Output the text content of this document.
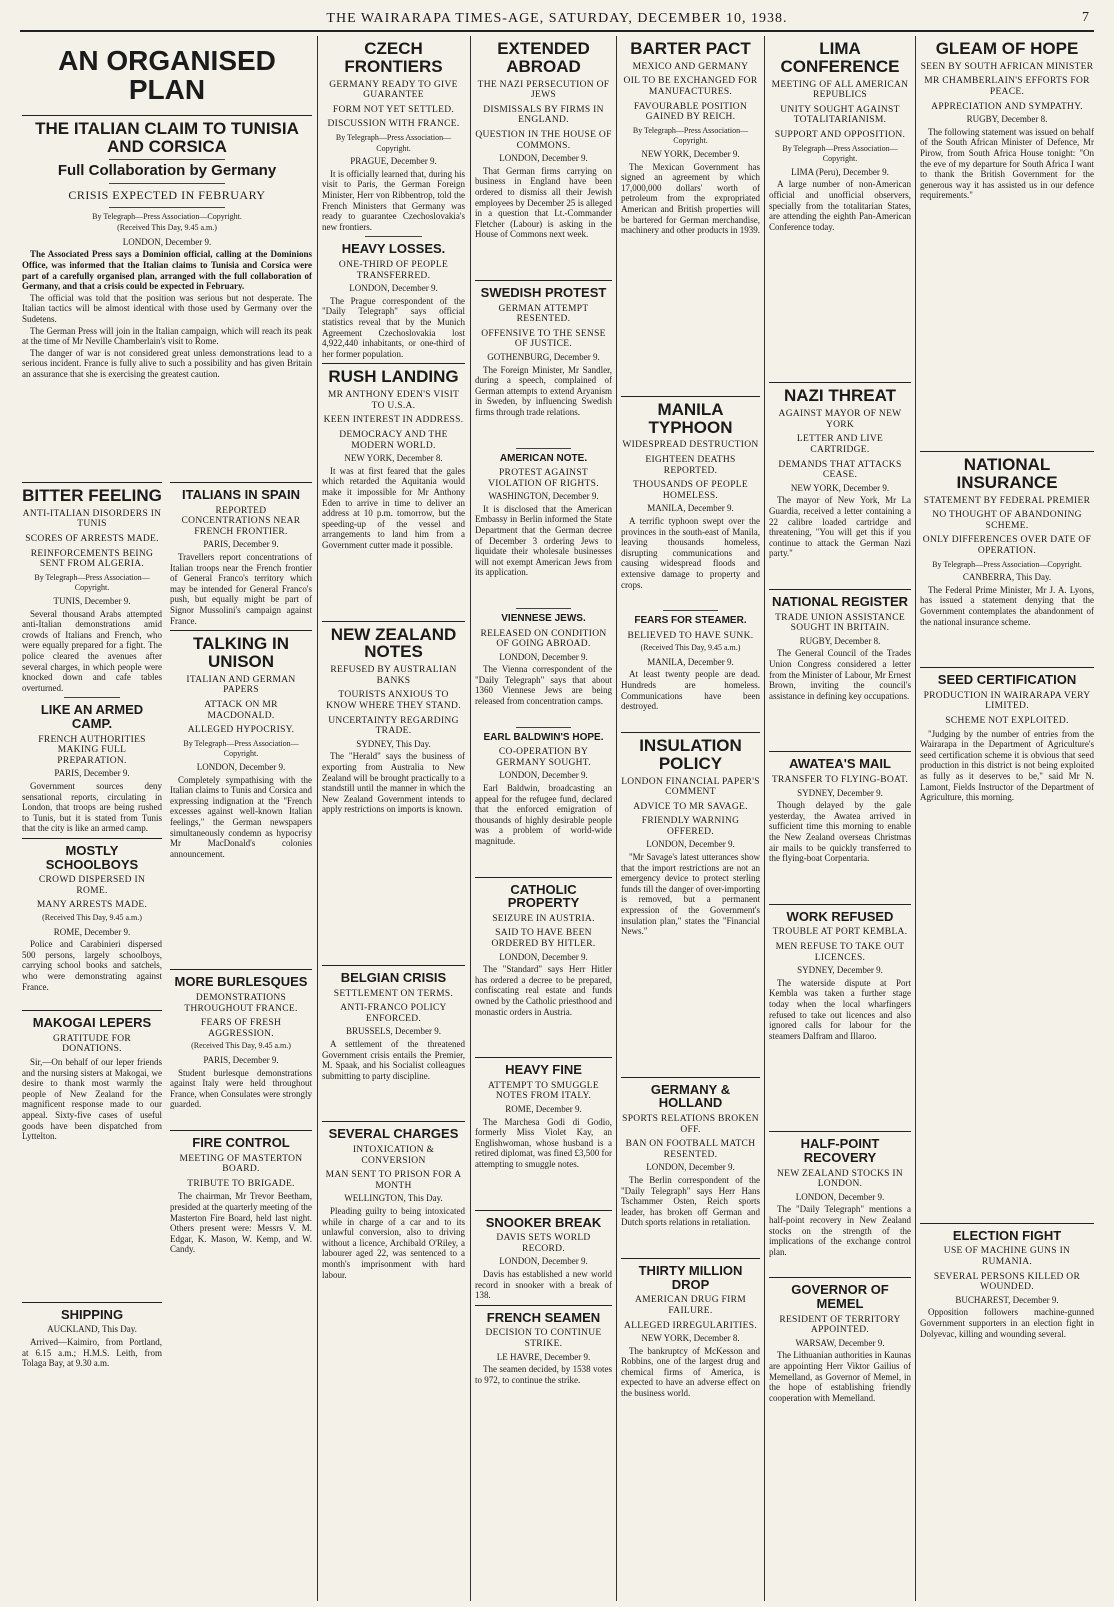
THE WAIRARAPA TIMES-AGE, SATURDAY, DECEMBER 10, 1938.	7
AN ORGANISED PLAN
THE ITALIAN CLAIM TO TUNISIA AND CORSICA
Full Collaboration by Germany
CRISIS EXPECTED IN FEBRUARY
By Telegraph—Press Association—Copyright.
(Received This Day, 9.45 a.m.)
LONDON, December 9.

The Associated Press says a Dominion official, calling at the Dominions Office, was informed that the Italian claims to Tunisia and Corsica were part of a carefully organised plan, arranged with the full collaboration of Germany, and that a crisis could be expected in February.

The official was told that the position was serious but not desperate. The Italian tactics will be almost identical with those used by Germany over the Sudetens.

The German Press will join in the Italian campaign, which will reach its peak at the time of Mr Neville Chamberlain's visit to Rome.

The danger of war is not considered great unless demonstrations lead to a serious incident. France is fully alive to such a possibility and has given Britain an assurance that she is exercising the greatest caution.

BITTER FEELING
ANTI-ITALIAN DISORDERS IN TUNIS
SCORES OF ARRESTS MADE.
REINFORCEMENTS BEING SENT FROM ALGERIA.
By Telegraph—Press Association—Copyright.
TUNIS, December 9.

Several thousand Arabs attempted anti-Italian demonstrations amid crowds of Italians and French, who were equally prepared for a fight. The police cleared the avenues after several charges, in which people were knocked down and cafe tables overturned.

LIKE AN ARMED CAMP.
FRENCH AUTHORITIES MAKING FULL PREPARATION.
PARIS, December 9.

Government sources deny sensational reports, circulating in London, that troops are being rushed to Tunis, but it is stated from Tunis that the city is like an armed camp.

MOSTLY SCHOOLBOYS
CROWD DISPERSED IN ROME.
MANY ARRESTS MADE.
(Received This Day, 9.45 a.m.)
ROME, December 9.

Police and Carabinieri dispersed 500 persons, largely schoolboys, carrying school books and satchels, who were demonstrating against France.

MAKOGAI LEPERS
GRATITUDE FOR DONATIONS.

Sir,—On behalf of our leper friends and the nursing sisters at Makogai, we desire to thank most warmly the people of New Zealand for the magnificent response made to our appeal. Sixty-five cases of useful goods have been dispatched from Lyttelton.

SHIPPING
AUCKLAND, This Day.

Arrived—Kaimiro, from Portland, at 6.15 a.m.; H.M.S. Leith, from Tolaga Bay, at 9.30 a.m.

ITALIANS IN SPAIN
REPORTED CONCENTRATIONS NEAR FRENCH FRONTIER.
PARIS, December 9.

Travellers report concentrations of Italian troops near the French frontier of General Franco's territory which may be intended for General Franco's push, but equally might be part of Signor Mussolini's campaign against France.

TALKING IN UNISON
ITALIAN AND GERMAN PAPERS
ATTACK ON MR MACDONALD.
ALLEGED HYPOCRISY.
By Telegraph—Press Association—Copyright.
LONDON, December 9.

Completely sympathising with the Italian claims to Tunis and Corsica and expressing indignation at the "French excesses against well-known Italian feelings," the German newspapers simultaneously condemn as hypocrisy Mr MacDonald's colonies announcement.

MORE BURLESQUES
DEMONSTRATIONS THROUGHOUT FRANCE.
FEARS OF FRESH AGGRESSION.
(Received This Day, 9.45 a.m.)
PARIS, December 9.

Student burlesque demonstrations against Italy were held throughout France, when Consulates were strongly guarded.

FIRE CONTROL
MEETING OF MASTERTON BOARD.
TRIBUTE TO BRIGADE.

The chairman, Mr Trevor Beetham, presided at the quarterly meeting of the Masterton Fire Board, held last night. Others present were: Messrs V. M. Edgar, K. Mason, W. Kemp, and W. Candy.

CZECH FRONTIERS
GERMANY READY TO GIVE GUARANTEE
FORM NOT YET SETTLED.
DISCUSSION WITH FRANCE.
By Telegraph—Press Association—Copyright.
PRAGUE, December 9.

It is officially learned that, during his visit to Paris, the German Foreign Minister, Herr von Ribbentrop, told the French Ministers that Germany was ready to guarantee Czechoslovakia's new frontiers.

HEAVY LOSSES.
ONE-THIRD OF PEOPLE TRANSFERRED.
LONDON, December 9.

The Prague correspondent of the "Daily Telegraph" says official statistics reveal that by the Munich Agreement Czechoslovakia lost 4,922,440 inhabitants, or one-third of her former population.

RUSH LANDING
MR ANTHONY EDEN'S VISIT TO U.S.A.
KEEN INTEREST IN ADDRESS.
DEMOCRACY AND THE MODERN WORLD.
NEW YORK, December 8.

It was at first feared that the gales which retarded the Aquitania would make it impossible for Mr Anthony Eden to arrive in time to deliver an address at 10 p.m. tomorrow, but the speeding-up of the vessel and arrangements to land him from a Government cutter made it possible.

NEW ZEALAND NOTES
REFUSED BY AUSTRALIAN BANKS
TOURISTS ANXIOUS TO KNOW WHERE THEY STAND.
UNCERTAINTY REGARDING TRADE.
SYDNEY, This Day.

The "Herald" says the business of exporting from Australia to New Zealand will be brought practically to a standstill until the manner in which the New Zealand Government intends to apply restrictions on imports is known.

BELGIAN CRISIS
SETTLEMENT ON TERMS.
ANTI-FRANCO POLICY ENFORCED.
BRUSSELS, December 9.

A settlement of the threatened Government crisis entails the Premier, M. Spaak, and his Socialist colleagues submitting to party discipline.

SEVERAL CHARGES
INTOXICATION & CONVERSION
MAN SENT TO PRISON FOR A MONTH
WELLINGTON, This Day.

Pleading guilty to being intoxicated while in charge of a car and to its unlawful conversion, also to driving without a licence, Archibald O'Riley, a labourer aged 22, was sentenced to a month's imprisonment with hard labour.

EXTENDED ABROAD
THE NAZI PERSECUTION OF JEWS
DISMISSALS BY FIRMS IN ENGLAND.
QUESTION IN THE HOUSE OF COMMONS.
LONDON, December 9.

That German firms carrying on business in England have been ordered to dismiss all their Jewish employees by December 25 is alleged in a question that Lt.-Commander Fletcher (Labour) is asking in the House of Commons next week.

SWEDISH PROTEST
GERMAN ATTEMPT RESENTED.
OFFENSIVE TO THE SENSE OF JUSTICE.
GOTHENBURG, December 9.

The Foreign Minister, Mr Sandler, during a speech, complained of German attempts to extend Aryanism in Sweden, by influencing Swedish firms through trade relations.

AMERICAN NOTE.
PROTEST AGAINST VIOLATION OF RIGHTS.
WASHINGTON, December 9.

It is disclosed that the American Embassy in Berlin informed the State Department that the German decree of December 3 ordering Jews to liquidate their wholesale businesses will not exempt American Jews from its application.

VIENNESE JEWS.
RELEASED ON CONDITION OF GOING ABROAD.
LONDON, December 9.

The Vienna correspondent of the "Daily Telegraph" says that about 1360 Viennese Jews are being released from concentration camps.

EARL BALDWIN'S HOPE.
CO-OPERATION BY GERMANY SOUGHT.
LONDON, December 9.

Earl Baldwin, broadcasting an appeal for the refugee fund, declared that the enforced emigration of thousands of highly desirable people was a problem of world-wide magnitude.

CATHOLIC PROPERTY
SEIZURE IN AUSTRIA.
SAID TO HAVE BEEN ORDERED BY HITLER.
LONDON, December 9.

The "Standard" says Herr Hitler has ordered a decree to be prepared, confiscating real estate and funds owned by the Catholic priesthood and monastic orders in Austria.

HEAVY FINE
ATTEMPT TO SMUGGLE NOTES FROM ITALY.
ROME, December 9.

The Marchesa Godi di Godio, formerly Miss Violet Kay, an Englishwoman, whose husband is a retired diplomat, was fined £3,500 for attempting to smuggle notes.

SNOOKER BREAK
DAVIS SETS WORLD RECORD.
LONDON, December 9.

Davis has established a new world record in snooker with a break of 138.

FRENCH SEAMEN
DECISION TO CONTINUE STRIKE.
LE HAVRE, December 9.

The seamen decided, by 1538 votes to 972, to continue the strike.

BARTER PACT
MEXICO AND GERMANY
OIL TO BE EXCHANGED FOR MANUFACTURES.
FAVOURABLE POSITION GAINED BY REICH.
By Telegraph—Press Association—Copyright.
NEW YORK, December 9.

The Mexican Government has signed an agreement by which 17,000,000 dollars' worth of petroleum from the expropriated American and British properties will be bartered for German merchandise, machinery and other products in 1939.

MANILA TYPHOON
WIDESPREAD DESTRUCTION
EIGHTEEN DEATHS REPORTED.
THOUSANDS OF PEOPLE HOMELESS.
MANILA, December 9.

A terrific typhoon swept over the provinces in the south-east of Manila, leaving thousands homeless, disrupting communications and causing widespread floods and extensive damage to property and crops.

FEARS FOR STEAMER.
BELIEVED TO HAVE SUNK.
(Received This Day, 9.45 a.m.)
MANILA, December 9.

At least twenty people are dead. Hundreds are homeless. Communications have been destroyed.

INSULATION POLICY
LONDON FINANCIAL PAPER'S COMMENT
ADVICE TO MR SAVAGE.
FRIENDLY WARNING OFFERED.
LONDON, December 9.

"Mr Savage's latest utterances show that the import restrictions are not an emergency device to protect sterling funds till the danger of over-importing is removed, but a permanent expression of the Government's insulation plan," states the "Financial News."

GERMANY & HOLLAND
SPORTS RELATIONS BROKEN OFF.
BAN ON FOOTBALL MATCH RESENTED.
LONDON, December 9.

The Berlin correspondent of the "Daily Telegraph" says Herr Hans Tschammer Osten, Reich sports leader, has broken off German and Dutch sports relations in retaliation.

THIRTY MILLION DROP
AMERICAN DRUG FIRM FAILURE.
ALLEGED IRREGULARITIES.
NEW YORK, December 8.

The bankruptcy of McKesson and Robbins, one of the largest drug and chemical firms of America, is expected to have an adverse effect on the business world.

LIMA CONFERENCE
MEETING OF ALL AMERICAN REPUBLICS
UNITY SOUGHT AGAINST TOTALITARIANISM.
SUPPORT AND OPPOSITION.
By Telegraph—Press Association—Copyright.
LIMA (Peru), December 9.

A large number of non-American official and unofficial observers, specially from the totalitarian States, are attending the eighth Pan-American Conference today.

NAZI THREAT
AGAINST MAYOR OF NEW YORK
LETTER AND LIVE CARTRIDGE.
DEMANDS THAT ATTACKS CEASE.
NEW YORK, December 9.

The mayor of New York, Mr La Guardia, received a letter containing a 22 calibre loaded cartridge and threatening, "You will get this if you continue to attack the German Nazi party."

NATIONAL REGISTER
TRADE UNION ASSISTANCE SOUGHT IN BRITAIN.
RUGBY, December 8.

The General Council of the Trades Union Congress considered a letter from the Minister of Labour, Mr Ernest Brown, inviting the council's assistance in defining key occupations.

AWATEA'S MAIL
TRANSFER TO FLYING-BOAT.
SYDNEY, December 9.

Though delayed by the gale yesterday, the Awatea arrived in sufficient time this morning to enable the New Zealand overseas Christmas air mails to be quickly transferred to the flying-boat Corpentaria.

WORK REFUSED
TROUBLE AT PORT KEMBLA.
MEN REFUSE TO TAKE OUT LICENCES.
SYDNEY, December 9.

The waterside dispute at Port Kembla was taken a further stage today when the local wharfingers refused to take out licences and also ignored calls for labour for the steamers Dalfram and Illaroo.

HALF-POINT RECOVERY
NEW ZEALAND STOCKS IN LONDON.
LONDON, December 9.

The "Daily Telegraph" mentions a half-point recovery in New Zealand stocks on the strength of the implications of the exchange control plan.

GOVERNOR OF MEMEL
RESIDENT OF TERRITORY APPOINTED.
WARSAW, December 9.

The Lithuanian authorities in Kaunas are appointing Herr Viktor Gailius of Memelland, as Governor of Memel, in the hope of establishing friendly cooperation with Memelland.

GLEAM OF HOPE
SEEN BY SOUTH AFRICAN MINISTER
MR CHAMBERLAIN'S EFFORTS FOR PEACE.
APPRECIATION AND SYMPATHY.
RUGBY, December 8.

The following statement was issued on behalf of the South African Minister of Defence, Mr Pirow, from South Africa House tonight: "On the eve of my departure for South Africa I want to thank the British Government for the generous way it has assisted us in our defence requirements."

NATIONAL INSURANCE
STATEMENT BY FEDERAL PREMIER
NO THOUGHT OF ABANDONING SCHEME.
ONLY DIFFERENCES OVER DATE OF OPERATION.
By Telegraph—Press Association—Copyright.
CANBERRA, This Day.

The Federal Prime Minister, Mr J. A. Lyons, has issued a statement denying that the Government contemplates the abandonment of the national insurance scheme.

SEED CERTIFICATION
PRODUCTION IN WAIRARAPA VERY LIMITED.
SCHEME NOT EXPLOITED.

"Judging by the number of entries from the Wairarapa in the Department of Agriculture's seed certification scheme it is obvious that seed production in this district is not being exploited as fully as it deserves to be," said Mr N. Lamont, Fields Instructor of the Department of Agriculture, this morning.

ELECTION FIGHT
USE OF MACHINE GUNS IN RUMANIA.
SEVERAL PERSONS KILLED OR WOUNDED.
BUCHAREST, December 9.

Opposition followers machine-gunned Government supporters in an election fight in Dolyevac, killing and wounding several.
